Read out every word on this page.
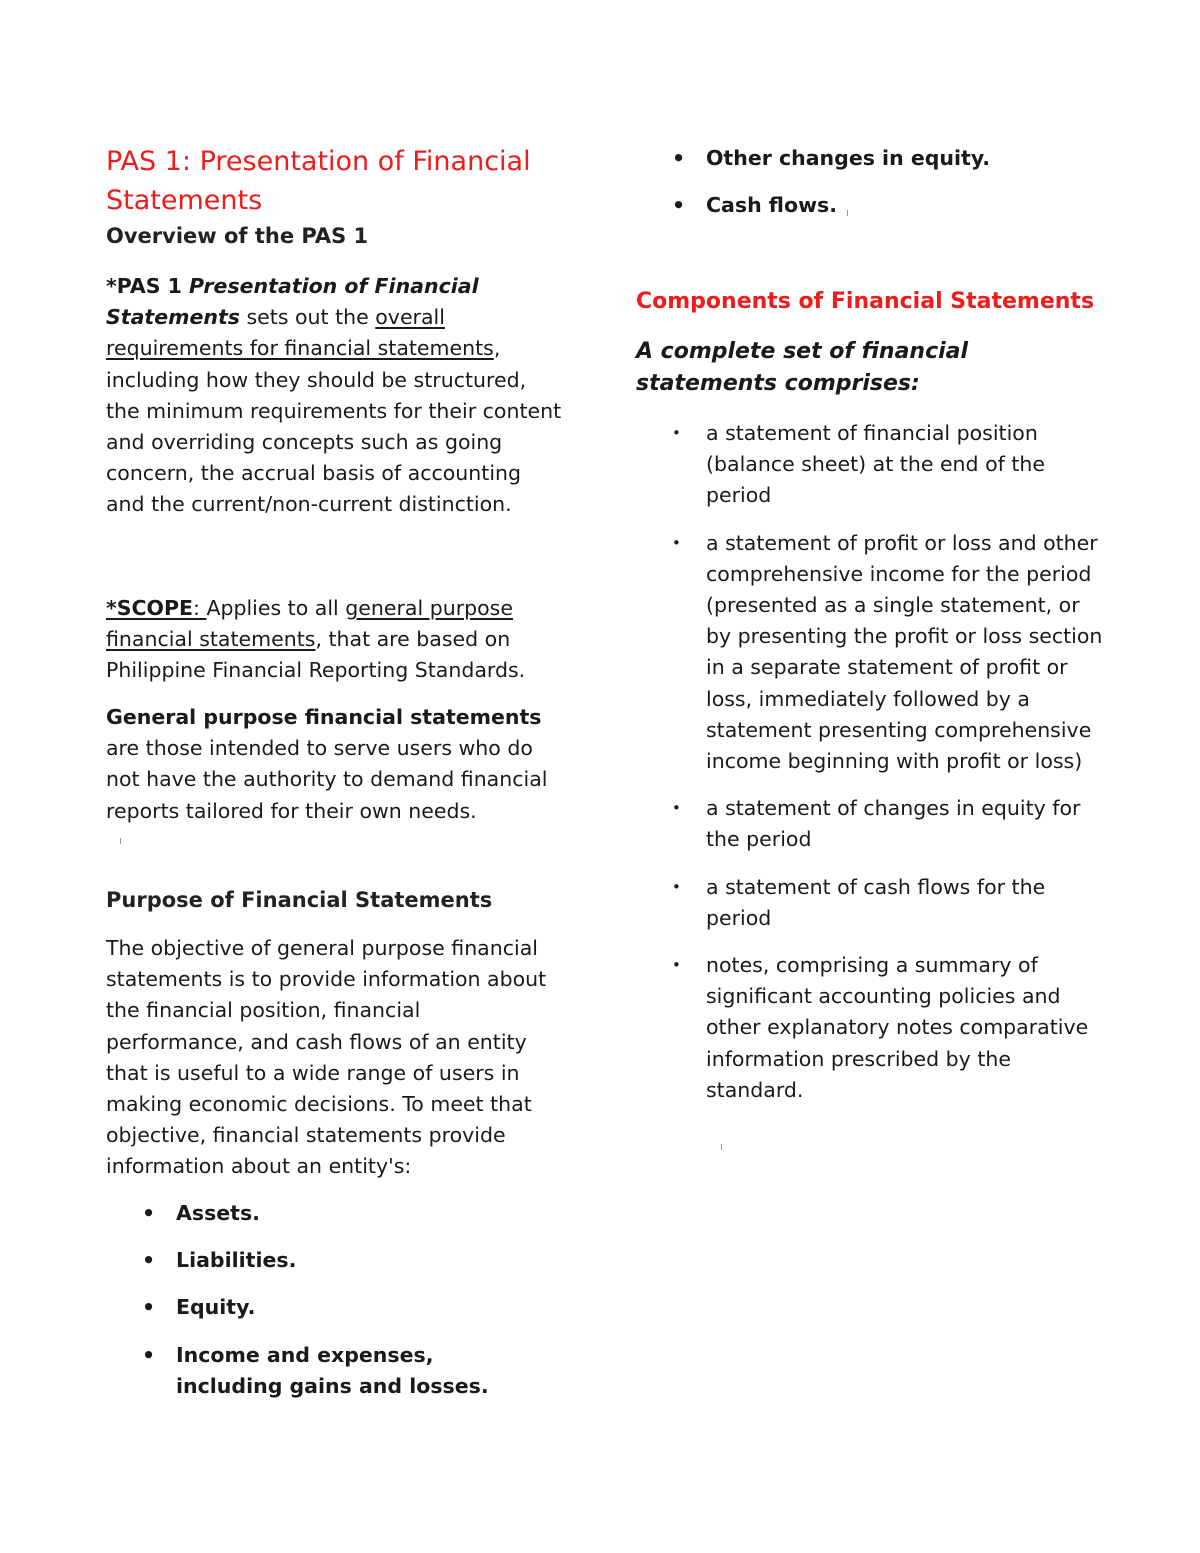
PAS 1: Presentation of Financial Statements
Overview of the PAS 1

*PAS 1 Presentation of Financial Statements sets out the overall requirements for financial statements, including how they should be structured, the minimum requirements for their content and overriding concepts such as going concern, the accrual basis of accounting and the current/non-current distinction.

*SCOPE: Applies to all general purpose financial statements, that are based on Philippine Financial Reporting Standards.

General purpose financial statements are those intended to serve users who do not have the authority to demand financial reports tailored for their own needs.

Purpose of Financial Statements

The objective of general purpose financial statements is to provide information about the financial position, financial performance, and cash flows of an entity that is useful to a wide range of users in making economic decisions. To meet that objective, financial statements provide information about an entity's:

• Assets.
• Liabilities.
• Equity.
• Income and expenses, including gains and losses.
• Other changes in equity.
• Cash flows.
Components of Financial Statements

A complete set of financial statements comprises:

• a statement of financial position (balance sheet) at the end of the period
• a statement of profit or loss and other comprehensive income for the period (presented as a single statement, or by presenting the profit or loss section in a separate statement of profit or loss, immediately followed by a statement presenting comprehensive income beginning with profit or loss)
• a statement of changes in equity for the period
• a statement of cash flows for the period
• notes, comprising a summary of significant accounting policies and other explanatory notes comparative information prescribed by the standard.
